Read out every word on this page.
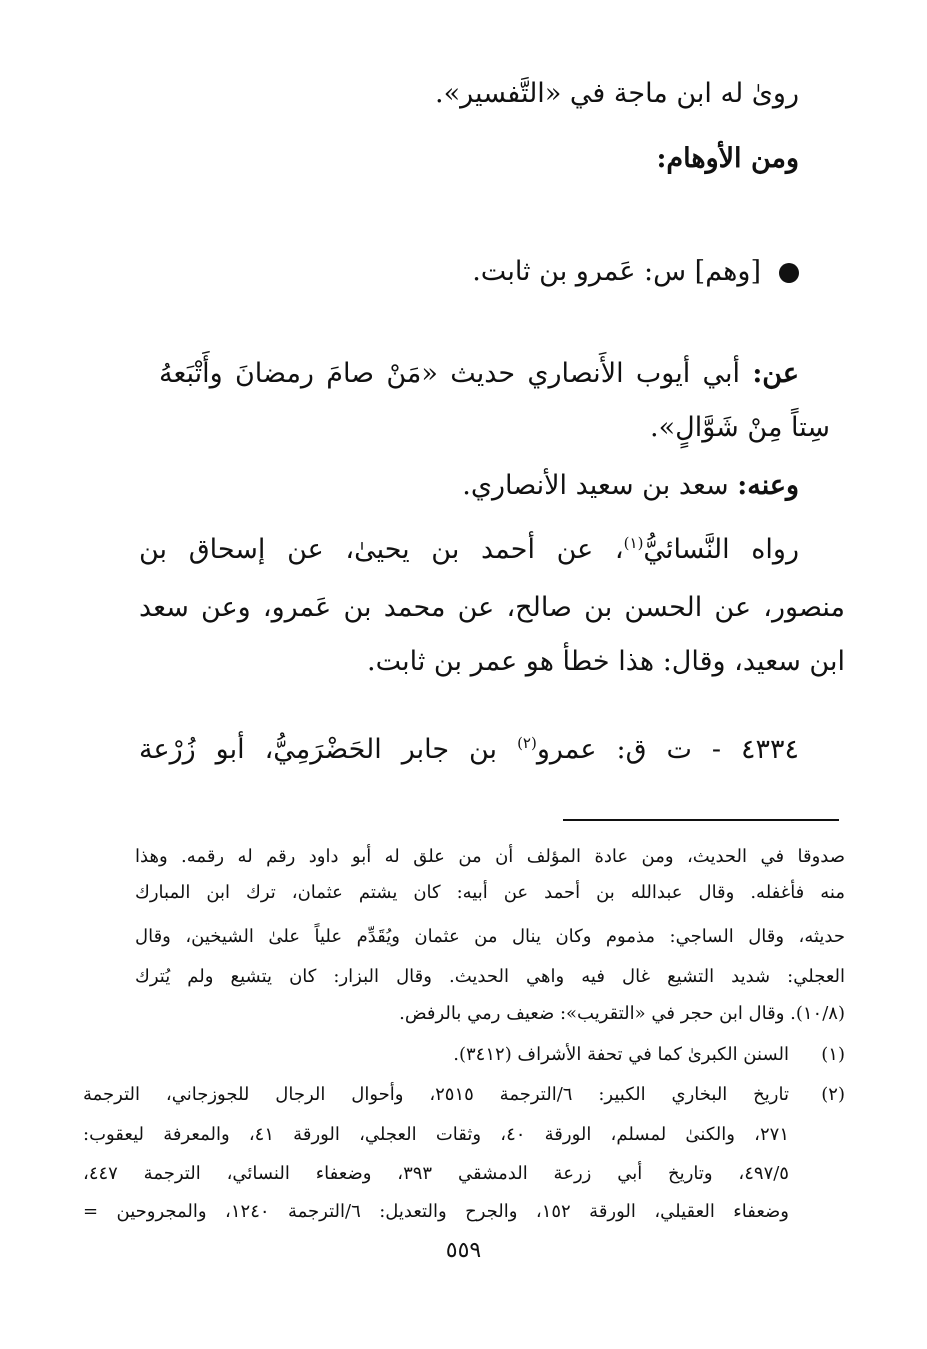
روىٰ له ابن ماجة في «التَّفسير».
ومن الأوهام:
[وهم] س: عَمرو بن ثابت.
عن: أبي أيوب الأَنصاري حديث «مَنْ صامَ رمضانَ وأَتْبَعهُ
سِتاً مِنْ شَوَّالٍ».
وعنه: سعد بن سعيد الأنصاري.
رواه النَّسائيُّ$^{(١)}$، عن أحمد بن يحيىٰ، عن إسحاق بن
منصور، عن الحسن بن صالح، عن محمد بن عَمرو، وعن سعد
ابن سعيد، وقال: هذا خطأ هو عمر بن ثابت.
٤٣٣٤ - ت ق: عمرو$^{(٢)}$ بن جابر الحَضْرَمِيُّ، أبو زُرْعة
صدوقا في الحديث، ومن عادة المؤلف أن من علق له أبو داود رقم له رقمه. وهذا
منه فأغفله. وقال عبدالله بن أحمد عن أبيه: كان يشتم عثمان، ترك ابن المبارك
حديثه، وقال الساجي: مذموم وكان ينال من عثمان ويُقَدِّم علياً علىٰ الشيخين، وقال
العجلي: شديد التشيع غال فيه واهي الحديث. وقال البزار: كان يتشيع ولم يُترك
(١٠/٨). وقال ابن حجر في «التقريب»: ضعيف رمي بالرفض.
(١)
السنن الكبرىٰ كما في تحفة الأشراف (٣٤١٢).
(٢)
تاريخ البخاري الكبير: ٦/الترجمة ٢٥١٥، وأحوال الرجال للجوزجاني، الترجمة
٢٧١، والكنىٰ لمسلم، الورقة ٤٠، وثقات العجلي، الورقة ٤١، والمعرفة ليعقوب:
٤٩٧/٥، وتاريخ أبي زرعة الدمشقي ٣٩٣، وضعفاء النسائي، الترجمة ٤٤٧،
وضعفاء العقيلي، الورقة ١٥٢، والجرح والتعديل: ٦/الترجمة ١٢٤٠، والمجروحين =
٥٥٩
